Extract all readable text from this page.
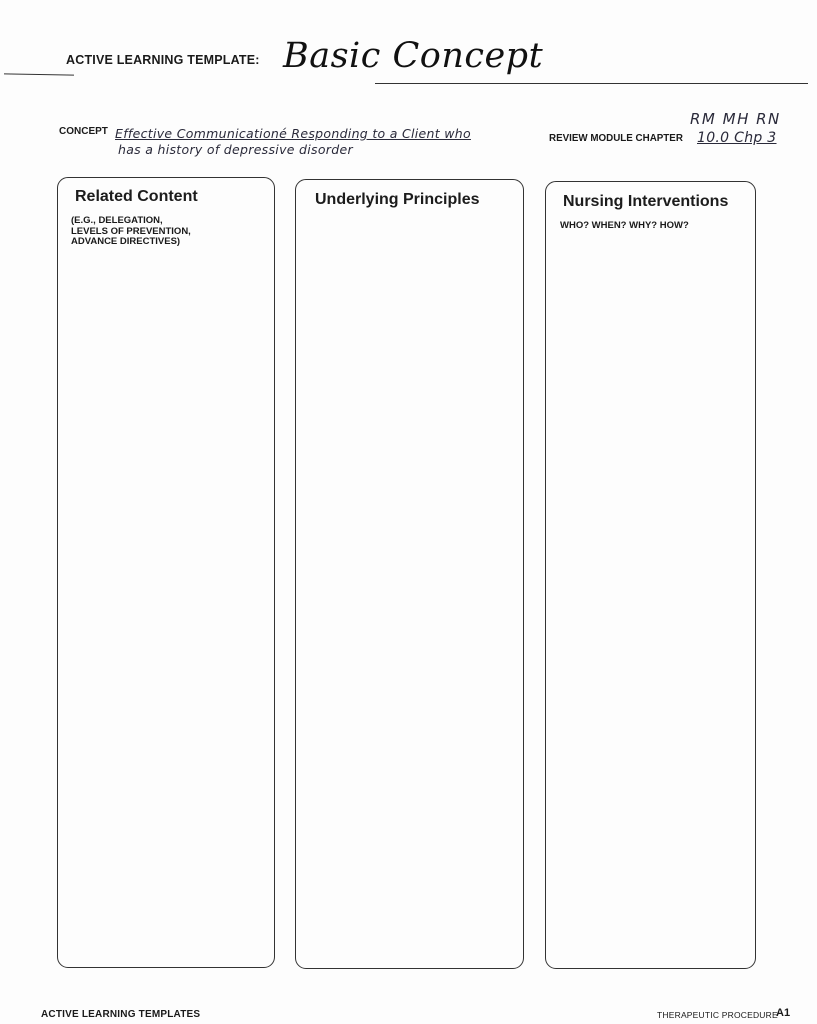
ACTIVE LEARNING TEMPLATE: Basic Concept
RM MH RN
CONCEPT Effective Communicationé Responding to a Client who
has a history of depressive disorder
REVIEW MODULE CHAPTER 10.0 Chp 3
Related Content
(E.G., DELEGATION,
LEVELS OF PREVENTION,
ADVANCE DIRECTIVES)
Underlying Principles	Nursing Interventions
WHO? WHEN? WHY? HOW?
ACTIVE LEARNING TEMPLATES	THERAPEUTIC PROCEDURE
A1
